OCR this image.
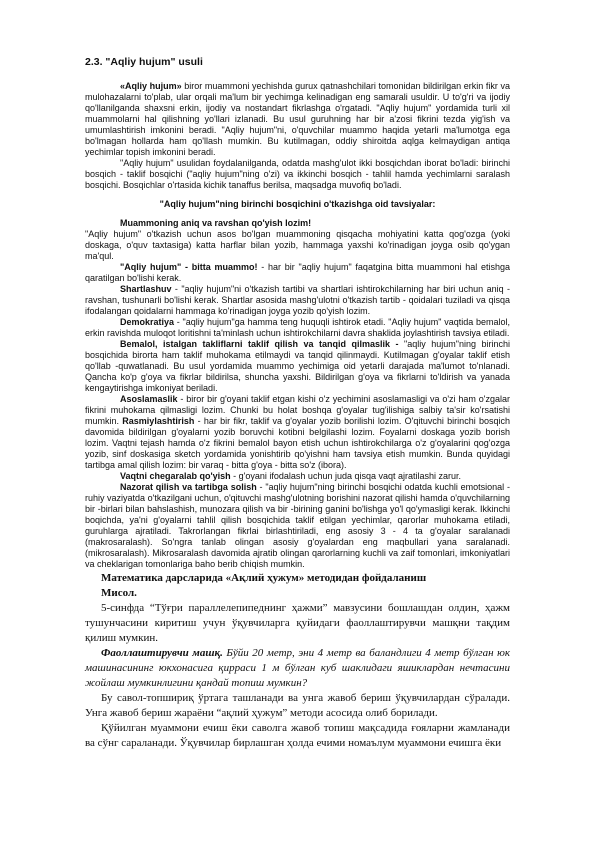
2.3. "Aqliy hujum" usuli

«Aqliy hujum» biror muammoni yechishda gurux qatnashchilari tomonidan bildirilgan erkin fikr va mulohazalarni to'plab, ular orqali ma'lum bir yechimga kelinadigan eng samarali usuldir. U to'g'ri va ijodiy qo'llanilganda shaxsni erkin, ijodiy va nostandart fikrlashga o'rgatadi. "Aqliy hujum" yordamida turli xil muammolarni hal qilishning yo'llari izlanadi. Bu usul guruhning har bir a'zosi fikrini tezda yig'ish va umumlashtirish imkonini beradi. "Aqliy hujum"ni, o'quvchilar muammo haqida yetarli ma'lumotga ega bo'lmagan hollarda ham qo'llash mumkin. Bu kutilmagan, oddiy shiroitda aqlga kelmaydigan antiqa yechimlar topish imkonini beradi.

"Aqliy hujum" usulidan foydalanilganda, odatda mashg'ulot ikki bosqichdan iborat bo'ladi: birinchi bosqich - taklif bosqichi ("aqliy hujum"ning o'zi) va ikkinchi bosqich - tahlil hamda yechimlarni saralash bosqichi. Bosqichlar o'rtasida kichik tanaffus berilsa, maqsadga muvofiq bo'ladi.

"Aqliy hujum"ning birinchi bosqichini o'tkazishga oid tavsiyalar:

Muammoning aniq va ravshan qo'yish lozim!

"Aqliy hujum" o'tkazish uchun asos bo'lgan muammoning qisqacha mohiyatini katta qog'ozga (yoki doskaga, o'quv taxtasiga) katta harflar bilan yozib, hammaga yaxshi ko'rinadigan joyga osib qo'ygan ma'qul.

"Aqliy hujum" - bitta muammo! - har bir "aqliy hujum" faqatgina bitta muammoni hal etishga qaratilgan bo'lishi kerak.

Shartlashuv - "aqliy hujum"ni o'tkazish tartibi va shartlari ishtirokchilarning har biri uchun aniq - ravshan, tushunarli bo'lishi kerak. Shartlar asosida mashg'ulotni o'tkazish tartib - qoidalari tuziladi va qisqa ifodalangan qoidalarni hammaga ko'rinadigan joyga yozib qo'yish lozim.

Demokratiya - "aqliy hujum"ga hamma teng huquqli ishtirok etadi. "Aqliy hujum" vaqtida bemalol, erkin ravishda muloqot loritishni ta'minlash uchun ishtirokchilarni davra shaklida joylashtirish tavsiya etiladi.

Bemalol, istalgan takliflarni taklif qilish va tanqid qilmaslik - "aqliy hujum"ning birinchi bosqichida birorta ham taklif muhokama etilmaydi va tanqid qilinmaydi. Kutilmagan g'oyalar taklif etish qo'llab -quwatlanadi. Bu usul yordamida muammo yechimiga oid yetarli darajada ma'lumot to'nlanadi. Qancha ko'p g'oya va fikrlar bildirilsa, shuncha yaxshi. Bildirilgan g'oya va fikrlarni to'ldirish va yanada kengaytirishga imkoniyat beriladi.

Asoslamaslik - biror bir g'oyani taklif etgan kishi o'z yechimini asoslamasligi va o'zi ham o'zgalar fikrini muhokama qilmasligi lozim. Chunki bu holat boshqa g'oyalar tug'ilishiga salbiy ta'sir ko'rsatishi mumkin. Rasmiylashtirish - har bir fikr, taklif va g'oyalar yozib borilishi lozim. O'qituvchi birinchi bosqich davomida bildirilgan g'oyalarni yozib boruvchi kotibni belgilashi lozim. Foyalarni doskaga yozib borish lozim. Vaqtni tejash hamda o'z fikrini bemalol bayon etish uchun ishtirokchilarga o'z g'oyalarini qog'ozga yozib, sinf doskasiga sketch yordamida yonishtirib qo'yishni ham tavsiya etish mumkin. Bunda quyidagi tartibga amal qilish lozim: bir varaq - bitta g'oya - bitta so'z (ibora).

Vaqtni chegaralab qo'yish - g'oyani ifodalash uchun juda qisqa vaqt ajratilashi zarur.

Nazorat qilish va tartibga solish - "aqliy hujum"ning birinchi bosqichi odatda kuchli emotsional - ruhiy vaziyatda o'tkazilgani uchun, o'qituvchi mashg'ulotning borishini nazorat qilishi hamda o'quvchilarning bir -birlari bilan bahslashish, munozara qilish va bir -birining ganini bo'lishga yo'l qo'ymasligi kerak. Ikkinchi boqichda, ya'ni g'oyalarni tahlil qilish bosqichida taklif etilgan yechimlar, qarorlar muhokama etiladi, guruhlarga ajratiladi. Takrorlangan fikrlai birlashtiriladi, eng asosiy 3 - 4 ta g'oyalar saralanadi (makrosaralash). So'ngra tanlab olingan asosiy g'oyalardan eng maqbullari yana saralanadi. (mikrosaralash). Mikrosaralash davomida ajratib olingan qarorlarning kuchli va zaif tomonlari, imkoniyatlari va cheklarigan tomonlariga baho berib chiqish mumkin.

Математика дарсларида «Ақлий ҳужум» методидан фойдаланиш

Мисол.

5-синфда “Тўғри параллелепипеднинг ҳажми” мавзусини бошлашдан олдин, ҳажм тушунчасини киритиш учун ўқувчиларга қуйидаги фаоллаштирувчи машқни тақдим қилиш мумкин.

Фаоллаштирувчи машқ. Бўйи 20 метр, эни 4 метр ва баландлиги 4 метр бўлган юк машинасининг юкхонасига қирраси 1 м бўлган куб шаклидаги яшиклардан нечтасини жойлаш мумкинлигини қандай топиш мумкин?

Бу савол-топшириқ ўртага ташланади ва унга жавоб бериш ўқувчилардан сўралади. Унга жавоб бериш жараёни “ақлий ҳужум” методи асосида олиб борилади.

Қўйилган муаммони ечиш ёки саволга жавоб топиш мақсадида ғояларни жамланади ва сўнг сараланади. Ўқувчилар бирлашган ҳолда ечими номаълум муаммони ечишга ёки
